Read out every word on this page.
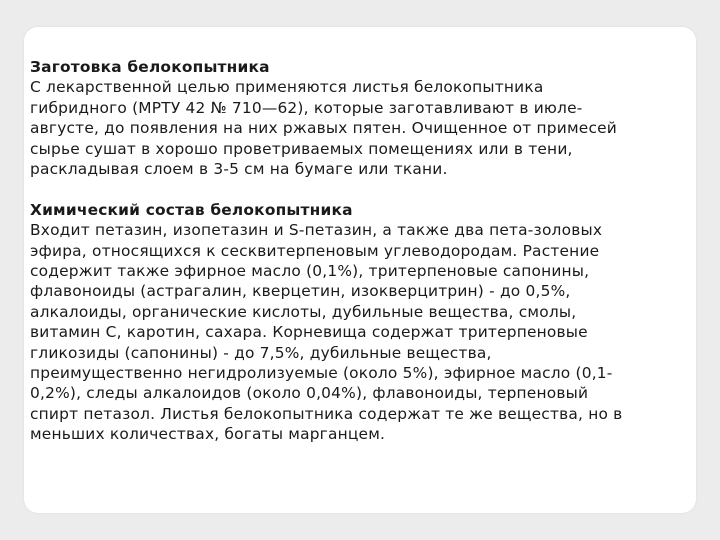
Заготовка белокопытника
С лекарственной целью применяются листья белокопытника
гибридного (МРТУ 42 № 710—62), которые заготавливают в июле-
августе, до появления на них ржавых пятен. Очищенное от примесей
сырье сушат в хорошо проветриваемых помещениях или в тени,
раскладывая слоем в 3-5 см на бумаге или ткани.
Химический состав белокопытника
Входит петазин, изопетазин и S-петазин, а также два пета-золовых
эфира, относящихся к сесквитерпеновым углеводородам. Растение
содержит также эфирное масло (0,1%), тритерпеновые сапонины,
флавоноиды (астрагалин, кверцетин, изокверцитрин) - до 0,5%,
алкалоиды, органические кислоты, дубильные вещества, смолы,
витамин С, каротин, сахара. Корневища содержат тритерпеновые
гликозиды (сапонины) - до 7,5%, дубильные вещества,
преимущественно негидролизуемые (около 5%), эфирное масло (0,1-
0,2%), следы алкалоидов (около 0,04%), флавоноиды, терпеновый
спирт петазол. Листья белокопытника содержат те же вещества, но в
меньших количествах, богаты марганцем.
